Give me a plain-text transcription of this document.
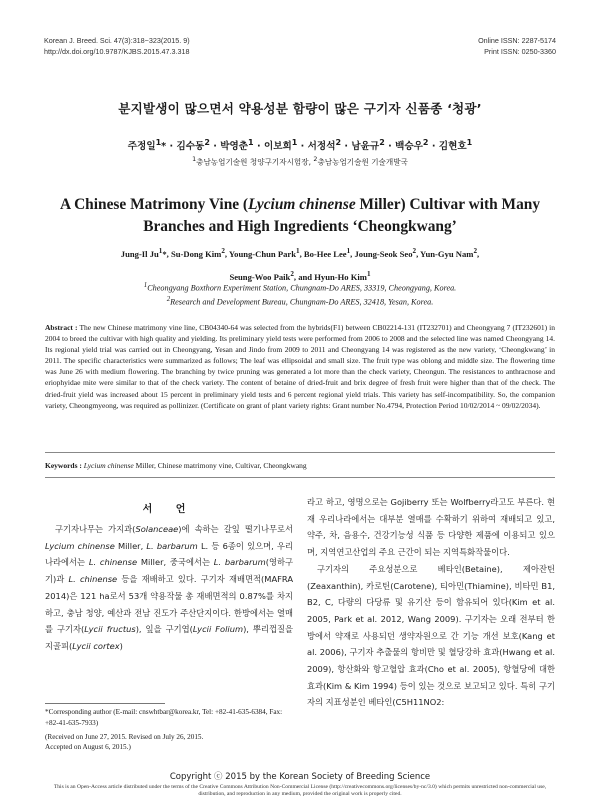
Korean J. Breed. Sci. 47(3):318~323(2015. 9)
http://dx.doi.org/10.9787/KJBS.2015.47.3.318
Online ISSN: 2287-5174
Print ISSN: 0250-3360
분지발생이 많으면서 약용성분 함량이 많은 구기자 신품종 ‘청광’
주정일$^1$* · 김수동$^2$ · 박영춘$^1$ · 이보희$^1$ · 서정석$^2$ · 남윤규$^2$ · 백승우$^2$ · 김현호$^1$
$^1$충남농업기술원 청양구기자시험장, $^2$충남농업기술원 기술개발국
A Chinese Matrimony Vine (Lycium chinense Miller) Cultivar with Many
Branches and High Ingredients ‘Cheongkwang’
Jung-Il Ju$^1$*, Su-Dong Kim$^2$, Young-Chun Park$^1$, Bo-Hee Lee$^1$, Joung-Seok Seo$^2$, Yun-Gyu Nam$^2$,
Seung-Woo Paik$^2$, and Hyun-Ho Kim$^1$
$^1$Cheongyang Boxthorn Experiment Station, Chungnam-Do ARES, 33319, Cheongyang, Korea.
$^2$Research and Development Bureau, Chungnam-Do ARES, 32418, Yesan, Korea.
Abstract : The new Chinese matrimony vine line, CB04340-64 was selected from the hybrids(F1) between CB02214-131 (IT232701) and Cheongyang 7 (IT232601) in 2004 to breed the cultivar with high quality and yielding. Its preliminary yield tests were performed from 2006 to 2008 and the selected line was named Cheongyang 14. Its regional yield trial was carried out in Cheongyang, Yesan and Jindo from 2009 to 2011 and Cheongyang 14 was registered as the new variety, ‘Cheongkwang’ in 2011. The specific characteristics were summarized as follows; The leaf was ellipsoidal and small size. The fruit type was oblong and middle size. The flowering time was June 26 with medium flowering. The branching by twice pruning was generated a lot more than the check variety, Cheongun. The resistances to anthracnose and eriophyidae mite were similar to that of the check variety. The content of betaine of dried-fruit and brix degree of fresh fruit were higher than that of the check. The dried-fruit yield was increased about 15 percent in preliminary yield tests and 6 percent regional yield trials. This variety has self-incompatibility. So, the companion variety, Cheongmyeong, was required as pollinizer. (Certificate on grant of plant variety rights: Grant number No.4794, Protection Period 10/02/2014 ~ 09/02/2034).
Keywords : Lycium chinense Miller, Chinese matrimony vine, Cultivar, Cheongkwang
서 언

구기자나무는 가지과(Solanceae)에 속하는 갈잎 떨기나무로서 Lycium chinense Miller, L. barbarum L. 등 6종이 있으며, 우리나라에서는 L. chinense Miller, 중국에서는 L. barbarum(영하구기)과 L. chinense 등을 재배하고 있다. 구기자 재배면적(MAFRA 2014)은 121 ha로서 53개 약용작물 총 재배면적의 0.87%를 차지하고, 충남 청양, 예산과 전남 진도가 주산단지이다. 한방에서는 열매를 구기자(Lycii fructus), 잎을 구기엽(Lycii Folium), 뿌리껍질을 지골피(Lycii cortex)

라고 하고, 영명으로는 Gojiberry 또는 Wolfberry라고도 부른다. 현재 우리나라에서는 대부분 열매를 수확하기 위하여 재배되고 있고, 약주, 차, 음용수, 건강기능성 식품 등 다양한 제품에 이용되고 있으며, 지역연고산업의 주요 근간이 되는 지역특화작물이다.

구기자의 주요성분으로 베타인(Betaine), 제아잔틴(Zeaxanthin), 카로틴(Carotene), 티아민(Thiamine), 비타민 B1, B2, C, 다량의 다당류 및 유기산 등이 함유되어 있다(Kim et al. 2005, Park et al. 2012, Wang 2009). 구기자는 오래 전부터 한방에서 약재로 사용되던 생약자원으로 간 기능 개선 보호(Kang et al. 2006), 구기자 추출물의 항비만 및 혈당강하 효과(Hwang et al. 2009), 항산화와 항고혈압 효과(Cho et al. 2005), 항혈당에 대한 효과(Kim & Kim 1994) 등이 있는 것으로 보고되고 있다. 특히 구기자의 지표성분인 베타인(C5H11NO2:

*Corresponding author (E-mail: cnswhtbar@korea.kr, Tel: +82-41-635-6384, Fax: +82-41-635-7933)
(Received on June 27, 2015. Revised on July 26, 2015.
Accepted on August 6, 2015.)
Copyright ⓒ 2015 by the Korean Society of Breeding Science
This is an Open-Access article distributed under the terms of the Creative Commons Attribution Non-Commercial License (http://creativecommons.org/licenses/by-nc/3.0) which permits unrestricted non-commercial use, distribution, and reproduction in any medium, provided the original work is properly cited.
